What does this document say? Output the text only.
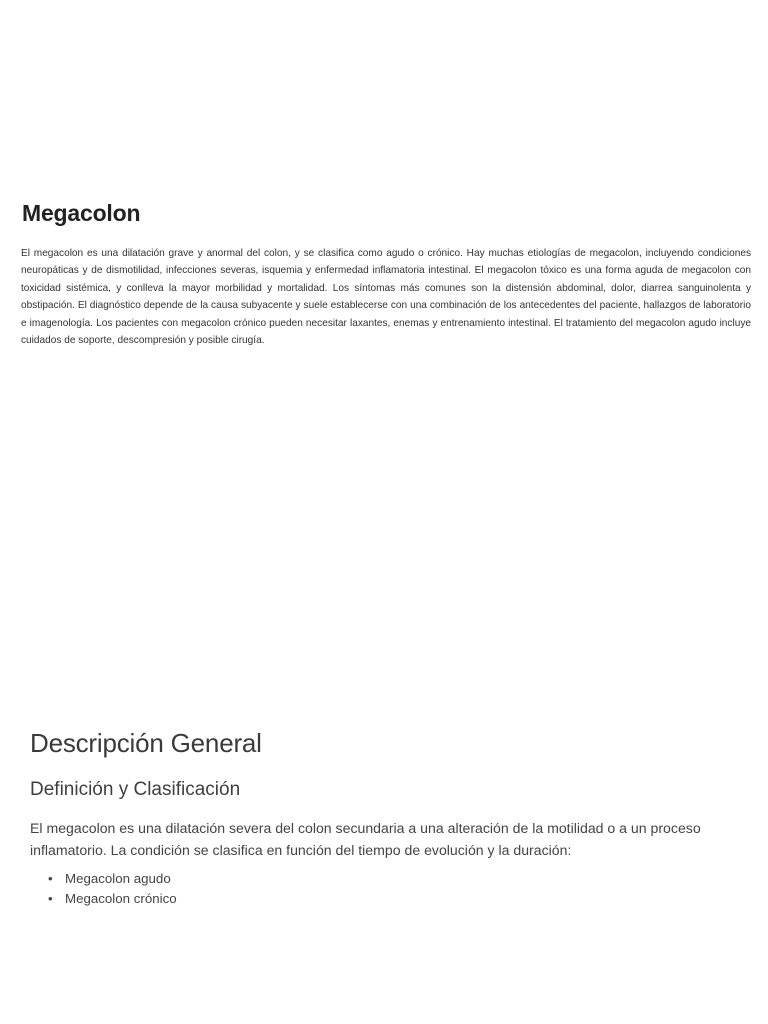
Megacolon

El megacolon es una dilatación grave y anormal del colon, y se clasifica como agudo o crónico. Hay muchas etiologías de megacolon, incluyendo condiciones neuropáticas y de dismotilidad, infecciones severas, isquemia y enfermedad inflamatoria intestinal. El megacolon tóxico es una forma aguda de megacolon con toxicidad sistémica, y conlleva la mayor morbilidad y mortalidad. Los síntomas más comunes son la distensión abdominal, dolor, diarrea sanguinolenta y obstipación. El diagnóstico depende de la causa subyacente y suele establecerse con una combinación de los antecedentes del paciente, hallazgos de laboratorio e imagenología. Los pacientes con megacolon crónico pueden necesitar laxantes, enemas y entrenamiento intestinal. El tratamiento del megacolon agudo incluye cuidados de soporte, descompresión y posible cirugía.

Descripción General
Definición y Clasificación

El megacolon es una dilatación severa del colon secundaria a una alteración de la motilidad o a un proceso inflamatorio. La condición se clasifica en función del tiempo de evolución y la duración:

• Megacolon agudo
• Megacolon crónico
